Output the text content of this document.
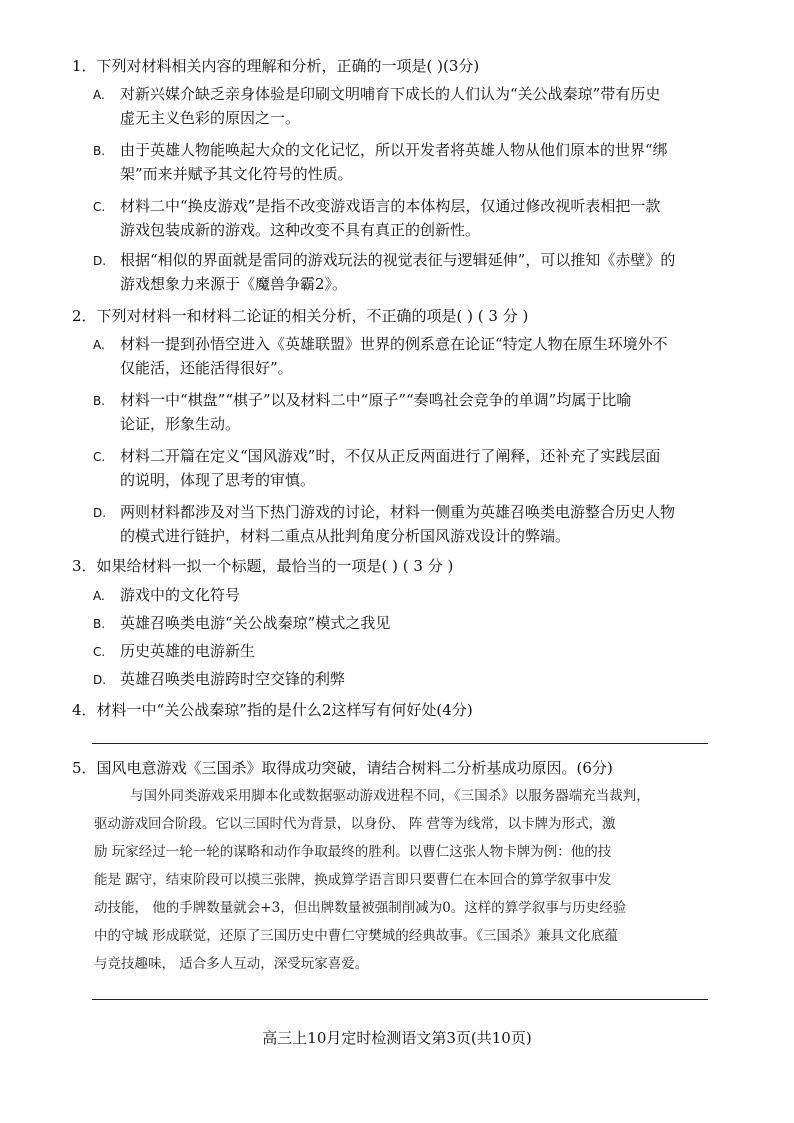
1．下列对材料相关内容的理解和分析，正确的一项是( )(3分)
A. 对新兴媒介缺乏亲身体验是印刷文明哺育下成长的人们认为“关公战秦琼”带有历史
虚无主义色彩的原因之一。
B. 由于英雄人物能唤起大众的文化记忆，所以开发者将英雄人物从他们原本的世界“绑
架”而来并赋予其文化符号的性质。
C. 材料二中“换皮游戏”是指不改变游戏语言的本体构层，仅通过修改视听表相把一款
游戏包装成新的游戏。这种改变不具有真正的创新性。
D. 根据“相似的界面就是雷同的游戏玩法的视觉表征与逻辑延伸”，可以推知《赤壁》的
游戏想象力来源于《魔兽争霸2》。
2．下列对材料一和材料二论证的相关分析，不正确的项是( ) ( 3 分 )
A. 材料一提到孙悟空进入《英雄联盟》世界的例系意在论证“特定人物在原生环境外不
仅能活，还能活得很好”。
B. 材料一中“棋盘”“棋子”以及材料二中“原子”“奏鸣社会竞争的单调”均属于比喻
论证，形象生动。
C. 材料二开篇在定义“国风游戏”时，不仅从正反两面进行了阐释，还补充了实践层面
的说明，体现了思考的审慎。
D. 两则材料都涉及对当下热门游戏的讨论，材料一侧重为英雄召唤类电游整合历史人物
的模式进行链护，材料二重点从批判角度分析国风游戏设计的弊端。
3．如果给材料一拟一个标题，最恰当的一项是( ) ( 3 分 )
A. 游戏中的文化符号
B. 英雄召唤类电游“关公战秦琼”模式之我见
C. 历史英雄的电游新生
D. 英雄召唤类电游跨时空交锋的利弊
4．材料一中“关公战秦琼”指的是什么2这样写有何好处(4分)
5．国风电意游戏《三国杀》取得成功突破，请结合树料二分析基成功原因。(6分)
与国外同类游戏采用脚本化或数据驱动游戏进程不同，《三国杀》以服务器端充当裁判，
驱动游戏回合阶段。它以三国时代为背景，以身份、 阵 营等为线常，以卡牌为形式，激
励 玩家经过一轮一轮的谋略和动作争取最终的胜利。以曹仁这张人物卡牌为例：他的技
能是 踞守，结束阶段可以摸三张牌，换成算学语言即只要曹仁在本回合的算学叙事中发
动技能， 他的手牌数量就会+3，但出牌数量被强制削减为0。这样的算学叙事与历史经验
中的守城 形成联觉，还原了三国历史中曹仁守樊城的经典故事。《三国杀》兼具文化底蕴
与竞技趣味， 适合多人互动，深受玩家喜爱。
高三上10月定时检测语文第3页(共10页)
